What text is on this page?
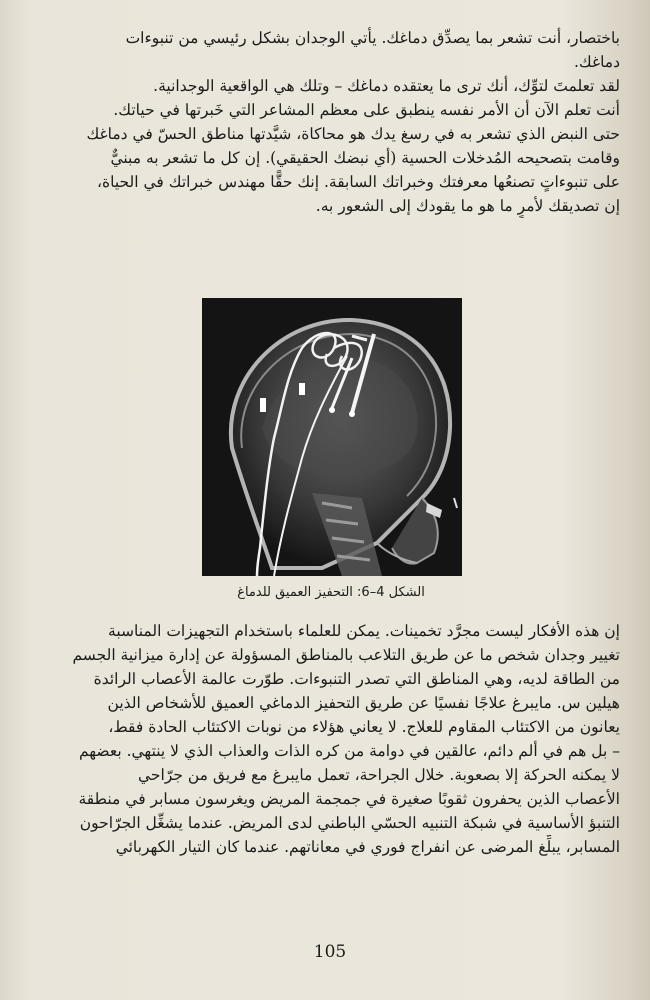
باختصار، أنت تشعر بما يصدِّق دماغك. يأتي الوجدان بشكل رئيسي من تنبوءات
دماغك.
لقد تعلمتَ لتوِّك، أنك ترى ما يعتقده دماغك – وتلك هي الواقعية الوجدانية.
أنت تعلم الآن أن الأمر نفسه ينطبق على معظم المشاعر التي خَبرتها في حياتك.
حتى النبض الذي تشعر به في رسغ يدك هو محاكاة، شيَّدتها مناطق الحسّ في دماغك
وقامت بتصحيحه المُدخلات الحسية (أي نبضك الحقيقي). إن كل ما تشعر به مبنيٌّ
على تنبوءاتٍ تصنعُها معرفتك وخبراتك السابقة. إنك حقًّا مهندس خبراتك في الحياة،
إن تصديقك لأمرٍ ما هو ما يقودك إلى الشعور به.
الشكل 4–6: التحفيز العميق للدماغ
إن هذه الأفكار ليست مجرَّد تخمينات. يمكن للعلماء باستخدام التجهيزات المناسبة
تغيير وجدان شخص ما عن طريق التلاعب بالمناطق المسؤولة عن إدارة ميزانية الجسم
من الطاقة لديه، وهي المناطق التي تصدر التنبوءات. طوّرت عالمة الأعصاب الرائدة
هيلين س. مايبرغ علاجًا نفسيًا عن طريق التحفيز الدماغي العميق للأشخاص الذين
يعانون من الاكتئاب المقاوم للعلاج. لا يعاني هؤلاء من نوبات الاكتئاب الحادة فقط،
– بل هم في ألم دائم، عالقين في دوامة من كره الذات والعذاب الذي لا ينتهي. بعضهم
لا يمكنه الحركة إلا بصعوبة. خلال الجراحة، تعمل مايبرغ مع فريق من جرّاحي
الأعصاب الذين يحفرون ثقوبًا صغيرة في جمجمة المريض ويغرسون مسابر في منطقة
التنبؤ الأساسية في شبكة التنبيه الحسّي الباطني لدى المريض. عندما يشغِّل الجرّاحون
المسابر، يبلِّغ المرضى عن انفراج فوري في معاناتهم. عندما كان التيار الكهربائي
105
